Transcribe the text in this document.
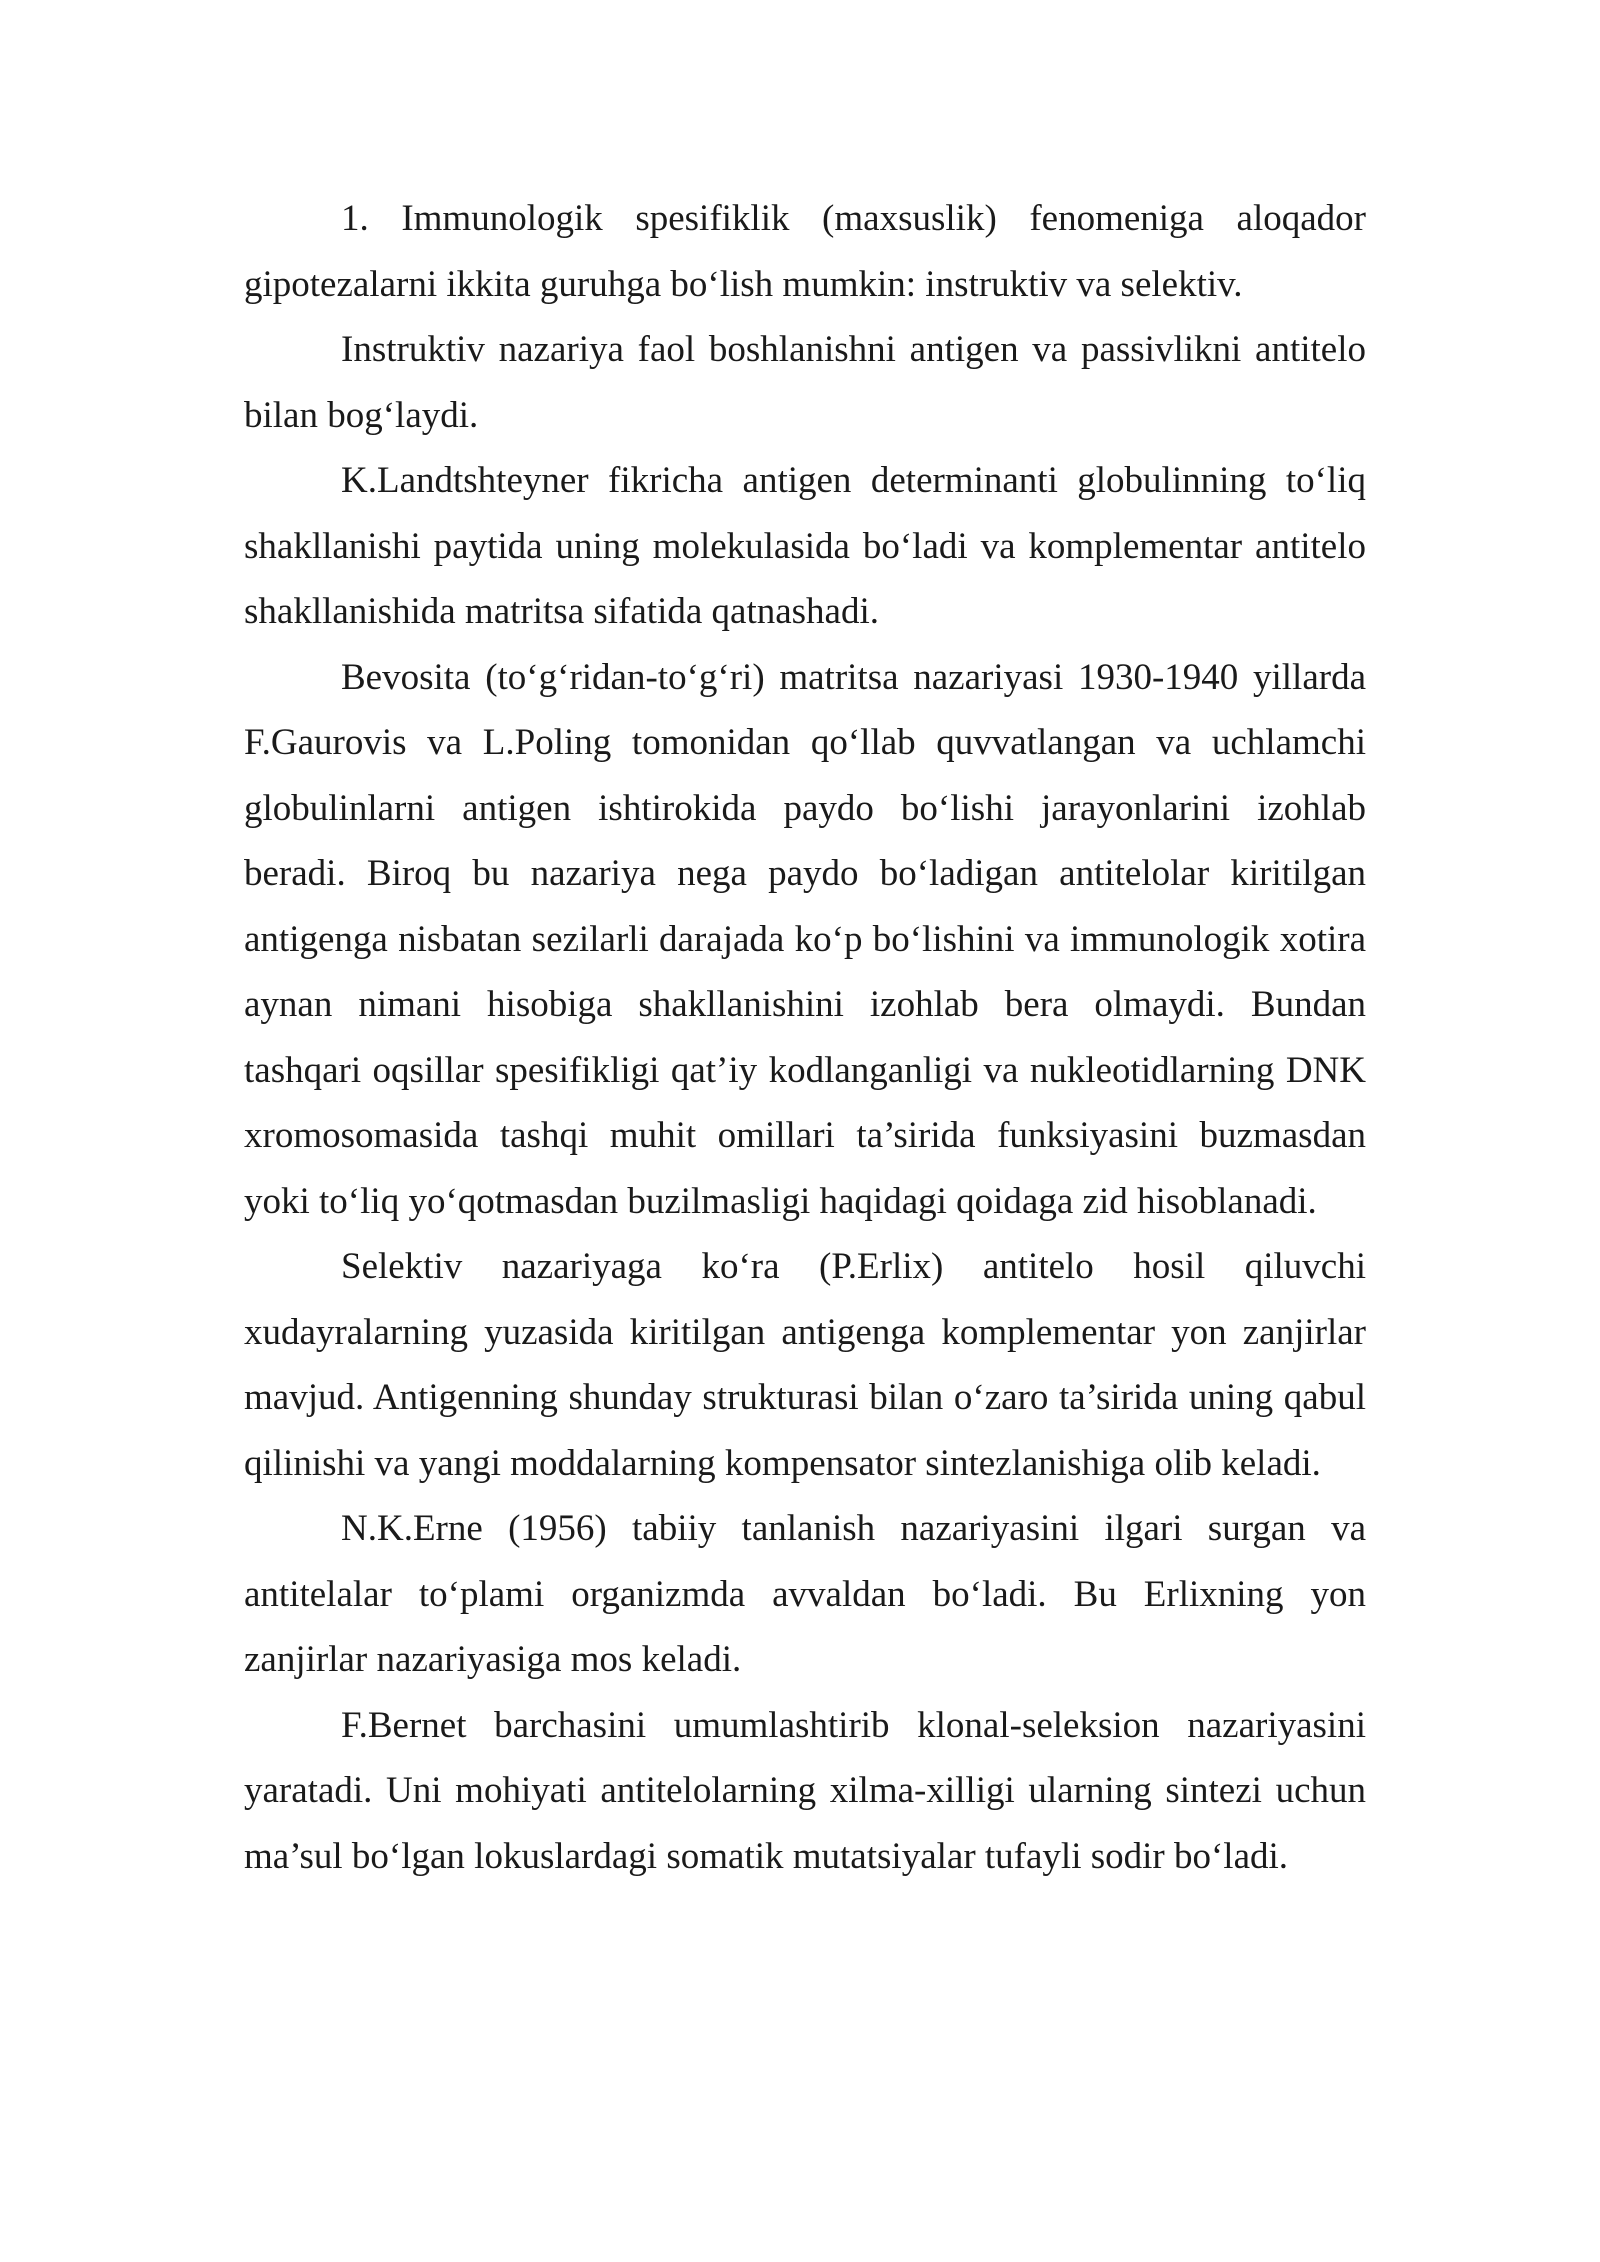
1. Immunologik spesifiklik (maxsuslik) fenomeniga aloqador gipotezalarni ikkita guruhga bo‘lish mumkin: instruktiv va selektiv.

Instruktiv nazariya faol boshlanishni antigen va passivlikni antitelo bilan bog‘laydi.

K.Landtshteyner fikricha antigen determinanti globulinning to‘liq shakllanishi paytida uning molekulasida bo‘ladi va komplementar antitelo shakllanishida matritsa sifatida qatnashadi.

Bevosita (to‘g‘ridan-to‘g‘ri) matritsa nazariyasi 1930-1940 yillarda F.Gaurovis va L.Poling tomonidan qo‘llab quvvatlangan va uchlamchi globulinlarni antigen ishtirokida paydo bo‘lishi jarayonlarini izohlab beradi. Biroq bu nazariya nega paydo bo‘ladigan antitelolar kiritilgan antigenga nisbatan sezilarli darajada ko‘p bo‘lishini va immunologik xotira aynan nimani hisobiga shakllanishini izohlab bera olmaydi. Bundan tashqari oqsillar spesifikligi qat’iy kodlanganligi va nukleotidlarning DNK xromosomasida tashqi muhit omillari ta’sirida funksiyasini buzmasdan yoki to‘liq yo‘qotmasdan buzilmasligi haqidagi qoidaga zid hisoblanadi.

Selektiv nazariyaga ko‘ra (P.Erlix) antitelo hosil qiluvchi xudayralarning yuzasida kiritilgan antigenga komplementar yon zanjirlar mavjud. Antigenning shunday strukturasi bilan o‘zaro ta’sirida uning qabul qilinishi va yangi moddalarning kompensator sintezlanishiga olib keladi.

N.K.Erne (1956) tabiiy tanlanish nazariyasini ilgari surgan va antitelalar to‘plami organizmda avvaldan bo‘ladi. Bu Erlixning yon zanjirlar nazariyasiga mos keladi.

F.Bernet barchasini umumlashtirib klonal-seleksion nazariyasini yaratadi. Uni mohiyati antitelolarning xilma-xilligi ularning sintezi uchun ma’sul bo‘lgan lokuslardagi somatik mutatsiyalar tufayli sodir bo‘ladi.
